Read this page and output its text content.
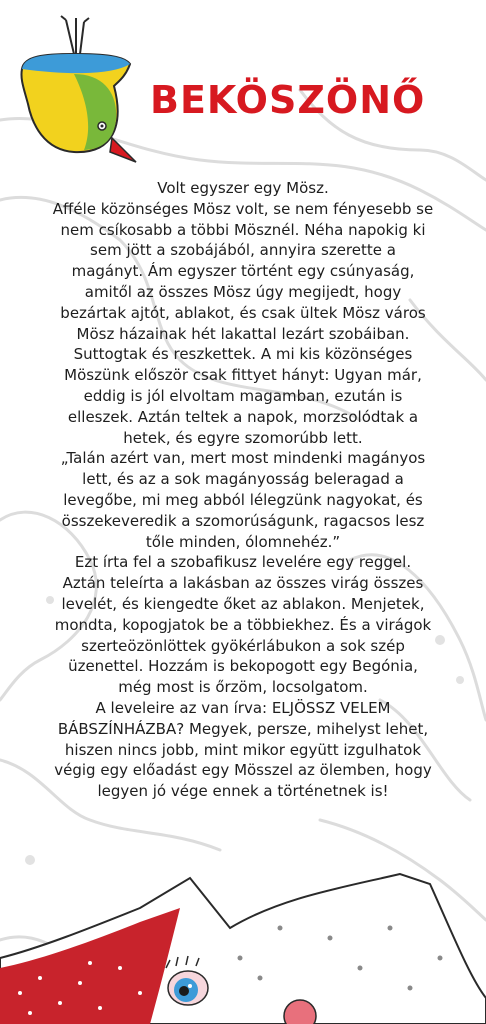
BEKÖSZÖNŐ

Volt egyszer egy Mösz.

Afféle közönséges Mösz volt, se nem fényesebb se nem csíkosabb a többi Mösznél. Néha napokig ki sem jött a szobájából, annyira szerette a magányt. Ám egyszer történt egy csúnyaság, amitől az összes Mösz úgy megijedt, hogy bezártak ajtót, ablakot, és csak ültek Mösz város Mösz házainak hét lakattal lezárt szobáiban. Suttogtak és reszkettek. A mi kis közönséges Möszünk először csak fittyet hányt: Ugyan már, eddig is jól elvoltam magamban, ezután is elleszek. Aztán teltek a napok, morzsolódtak a hetek, és egyre szomorúbb lett.

„Talán azért van, mert most mindenki magányos lett, és az a sok magányosság beleragad a levegőbe, mi meg abból lélegzünk nagyokat, és összekeveredik a szomorúságunk, ragacsos lesz tőle minden, ólomnehéz.”

Ezt írta fel a szobafikusz levelére egy reggel. Aztán teleírta a lakásban az összes virág összes levelét, és kiengedte őket az ablakon. Menjetek, mondta, kopogjatok be a többiekhez. És a virágok szerteözönlöttek gyökérlábukon a sok szép üzenettel. Hozzám is bekopogott egy Begónia, még most is őrzöm, locsolgatom.

A leveleire az van írva: ELJÖSSZ VELEM BÁBSZÍNHÁZBA? Megyek, persze, mihelyst lehet, hiszen nincs jobb, mint mikor együtt izgulhatok végig egy előadást egy Mösszel az ölemben, hogy legyen jó vége ennek a történetnek is!
